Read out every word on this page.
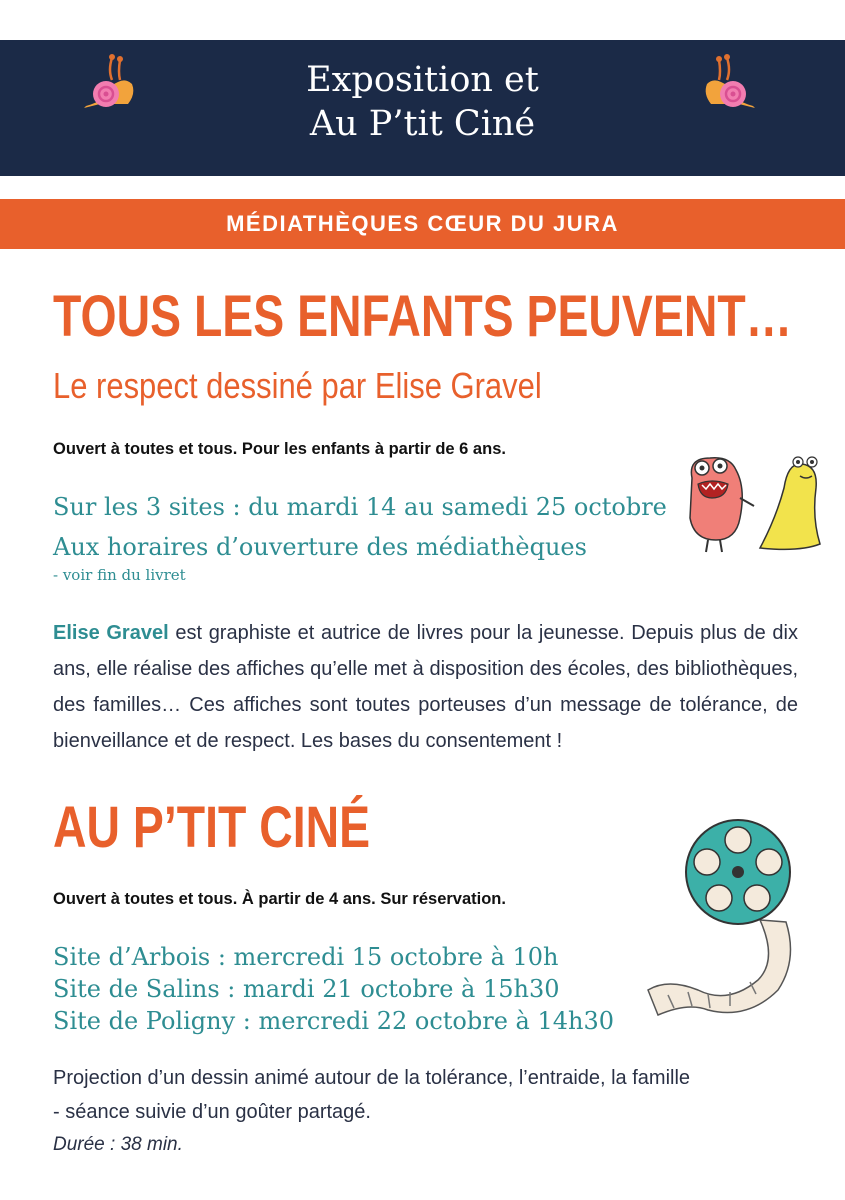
Exposition et
Au P’tit Ciné
MÉDIATHÈQUES CŒUR DU JURA
TOUS LES ENFANTS PEUVENT…
Le respect dessiné par Elise Gravel
Ouvert à toutes et tous. Pour les enfants à partir de 6 ans.
Sur les 3 sites : du mardi 14 au samedi 25 octobre
Aux horaires d’ouverture des médiathèques
- voir fin du livret
Elise Gravel est graphiste et autrice de livres pour la jeunesse. Depuis plus de dix ans, elle réalise des affiches qu’elle met à disposition des écoles, des bibliothèques, des familles… Ces affiches sont toutes porteuses d’un message de tolérance, de bienveillance et de respect. Les bases du consentement !
AU P’TIT CINÉ
Ouvert à toutes et tous. À partir de 4 ans. Sur réservation.
Site d’Arbois : mercredi 15 octobre à 10h
Site de Salins : mardi 21 octobre à 15h30
Site de Poligny : mercredi 22 octobre à 14h30
Projection d’un dessin animé autour de la tolérance, l’entraide, la famille
- séance suivie d’un goûter partagé.
Durée : 38 min.
